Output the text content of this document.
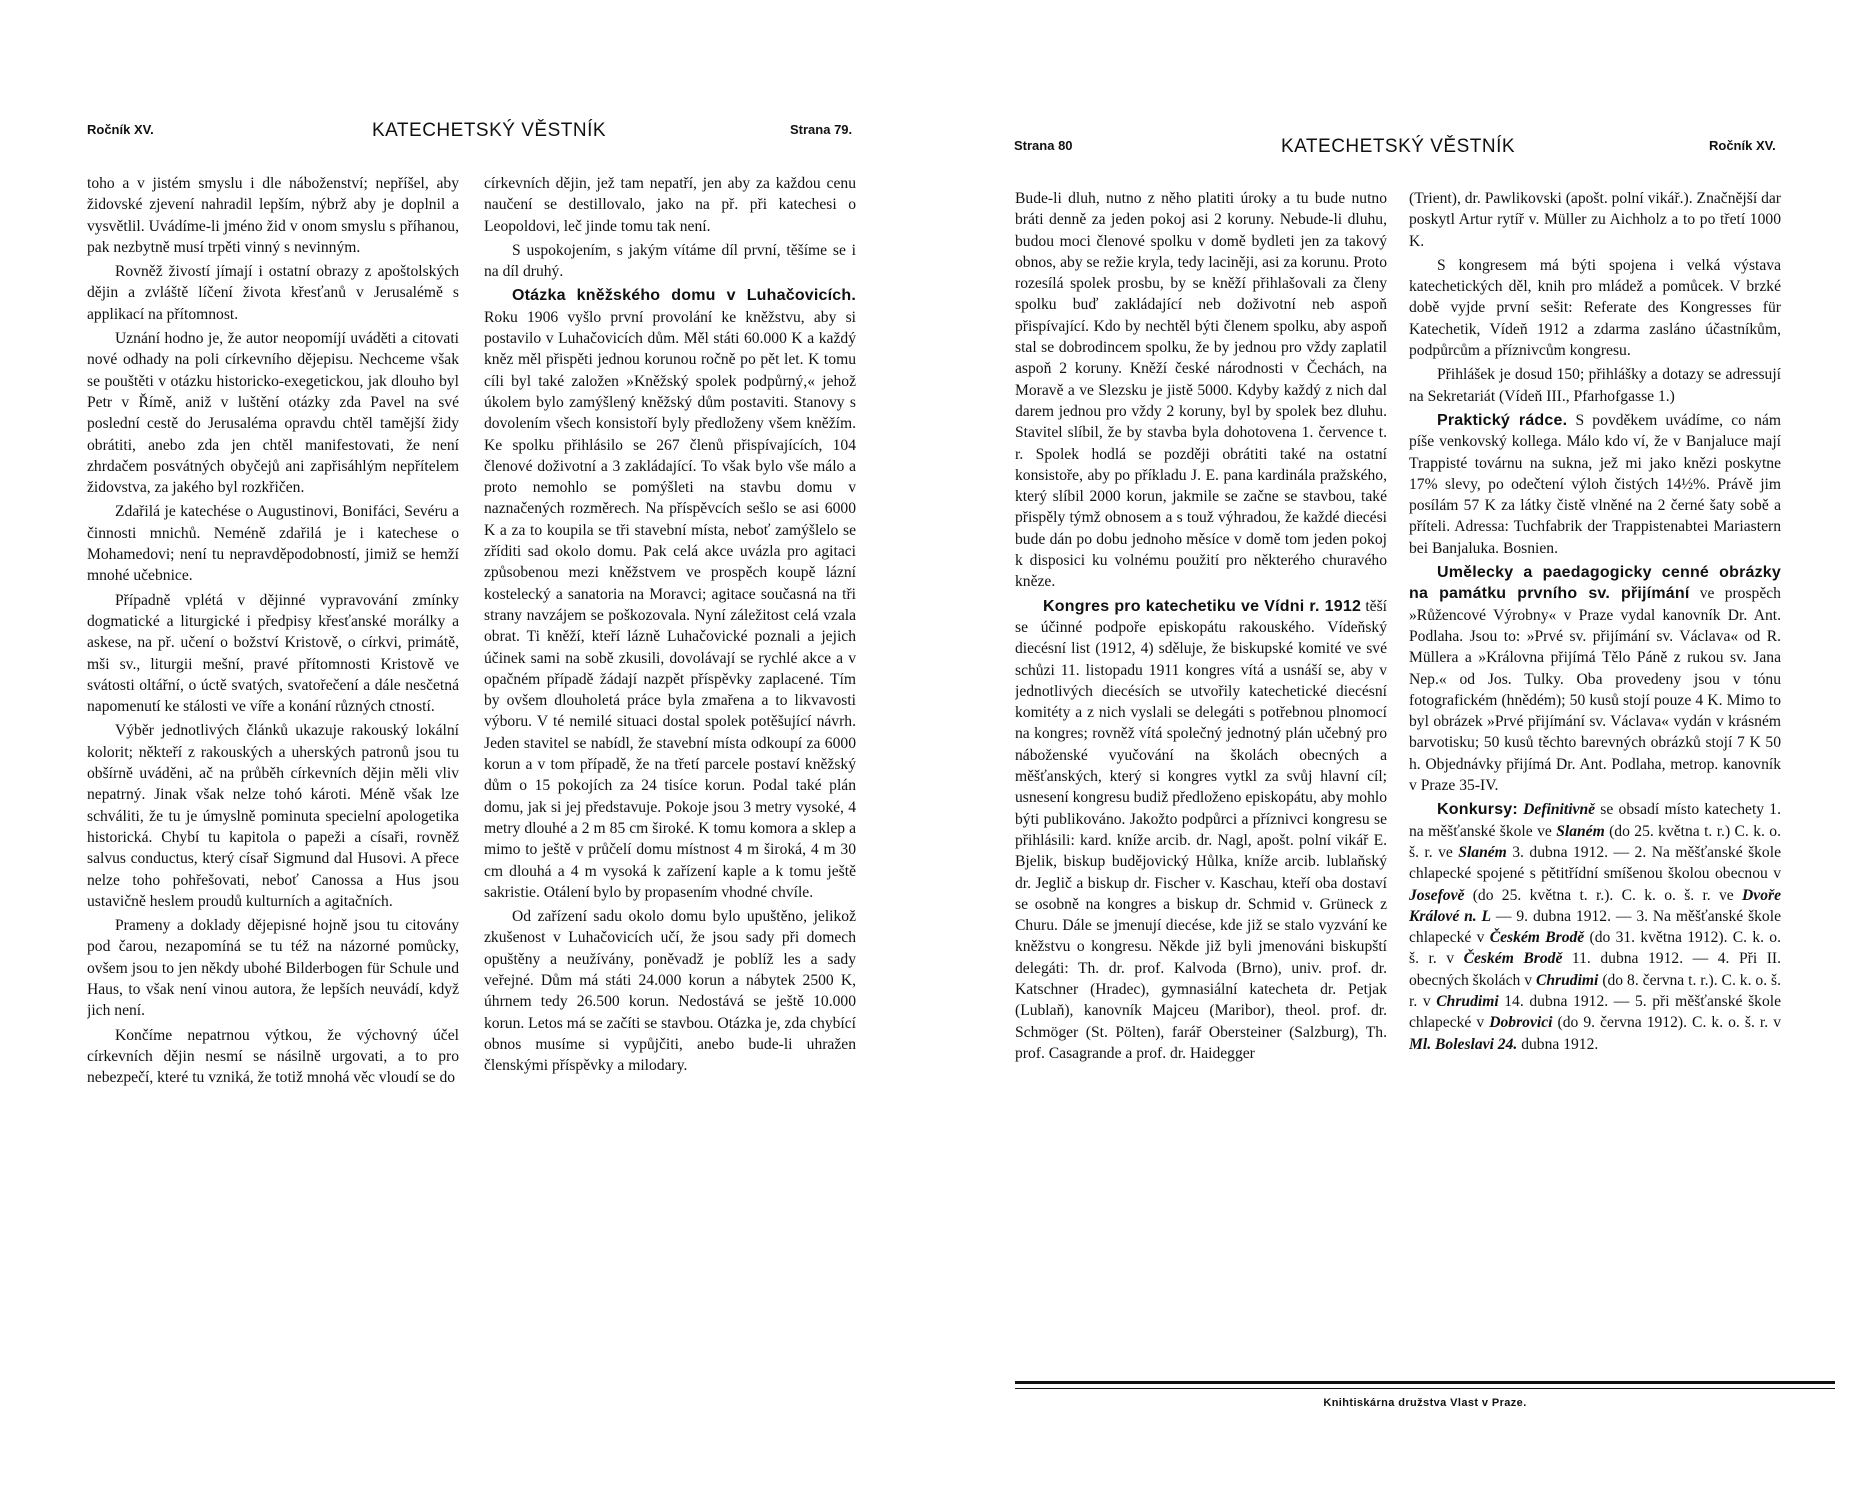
Ročník XV.	KATECHETSKÝ VĚSTNÍK	Strana 79.

toho a v jistém smyslu i dle náboženství; nepříšel, aby židovské zjevení nahradil lepším, nýbrž aby je doplnil a vysvětlil. Uvádíme-li jméno žid v onom smyslu s příhanou, pak nezbytně musí trpěti vinný s nevinným.

Rovněž živostí jímají i ostatní obrazy z apoštolských dějin a zvláště líčení života křesťanů v Jerusalémě s applikací na přítomnost.

Uznání hodno je, že autor neopomíjí uváděti a citovati nové odhady na poli církevního dějepisu. Nechceme však se pouštěti v otázku historicko-exegetickou, jak dlouho byl Petr v Římě, aniž v luštění otázky zda Pavel na své poslední cestě do Jerusaléma opravdu chtěl tamější židy obrátiti, anebo zda jen chtěl manifestovati, že není zhrdačem posvátných obyčejů ani zapřisáhlým nepřítelem židovstva, za jakého byl rozkřičen.

Zdařilá je katechése o Augustinovi, Bonifáci, Sevéru a činnosti mnichů. Neméně zdařilá je i katechese o Mohamedovi; není tu nepravděpodobností, jimiž se hemží mnohé učebnice.

Případně vplétá v dějinné vypravování zmínky dogmatické a liturgické i předpisy křesťanské morálky a askese, na př. učení o božství Kristově, o církvi, primátě, mši sv., liturgii mešní, pravé přítomnosti Kristově ve svátosti oltářní, o úctě svatých, svatořečení a dále nesčetná napomenutí ke stálosti ve víře a konání různých ctností.

Výběr jednotlivých článků ukazuje rakouský lokální kolorit; někteří z rakouských a uherských patronů jsou tu obšírně uváděni, ač na průběh církevních dějin měli vliv nepatrný. Jinak však nelze tohó károti. Méně však lze schváliti, že tu je úmyslně pominuta specielní apologetika historická. Chybí tu kapitola o papeži a císaři, rovněž salvus conductus, který císař Sigmund dal Husovi. A přece nelze toho pohřešovati, neboť Canossa a Hus jsou ustavičně heslem proudů kulturních a agitačních.

Prameny a doklady dějepisné hojně jsou tu citovány pod čarou, nezapomíná se tu též na názorné pomůcky, ovšem jsou to jen někdy ubohé Bilderbogen für Schule und Haus, to však není vinou autora, že lepších neuvádí, když jich není.

Končíme nepatrnou výtkou, že výchovný účel církevních dějin nesmí se násilně urgovati, a to pro nebezpečí, které tu vzniká, že totiž mnohá věc vloudí se do

církevních dějin, jež tam nepatří, jen aby za každou cenu naučení se destillovalo, jako na př. při katechesi o Leopoldovi, leč jinde tomu tak není.

S uspokojením, s jakým vítáme díl první, těšíme se i na díl druhý.

Otázka kněžského domu v Luhačovicích. Roku 1906 vyšlo první provolání ke kněžstvu, aby si postavilo v Luhačovicích dům. Měl státi 60.000 K a každý kněz měl přispěti jednou korunou ročně po pět let. K tomu cíli byl také založen »Kněžský spolek podpůrný,« jehož úkolem bylo zamýšlený kněžský dům postaviti. Stanovy s dovolením všech konsistoří byly předloženy všem kněžím. Ke spolku přihlásilo se 267 členů přispívajících, 104 členové doživotní a 3 zakládající. To však bylo vše málo a proto nemohlo se pomýšleti na stavbu domu v naznačených rozměrech. Na příspěvcích sešlo se asi 6000 K a za to koupila se tři stavební místa, neboť zamýšlelo se zříditi sad okolo domu. Pak celá akce uvázla pro agitaci způsobenou mezi kněžstvem ve prospěch koupě lázní kostelecký a sanatoria na Moravci; agitace současná na tři strany navzájem se poškozovala. Nyní záležitost celá vzala obrat. Ti kněží, kteří lázně Luhačovické poznali a jejich účinek sami na sobě zkusili, dovolávají se rychlé akce a v opačném případě žádají nazpět příspěvky zaplacené. Tím by ovšem dlouholetá práce byla zmařena a to likvavosti výboru. V té nemilé situaci dostal spolek potěšující návrh. Jeden stavitel se nabídl, že stavební místa odkoupí za 6000 korun a v tom případě, že na třetí parcele postaví kněžský dům o 15 pokojích za 24 tisíce korun. Podal také plán domu, jak si jej představuje. Pokoje jsou 3 metry vysoké, 4 metry dlouhé a 2 m 85 cm široké. K tomu komora a sklep a mimo to ještě v průčelí domu místnost 4 m široká, 4 m 30 cm dlouhá a 4 m vysoká k zařízení kaple a k tomu ještě sakristie. Otálení bylo by propasením vhodné chvíle.

Od zařízení sadu okolo domu bylo upuštěno, jelikož zkušenost v Luhačovicích učí, že jsou sady při domech opuštěny a neužívány, poněvadž je poblíž les a sady veřejné. Dům má státi 24.000 korun a nábytek 2500 K, úhrnem tedy 26.500 korun. Nedostává se ještě 10.000 korun. Letos má se začíti se stavbou. Otázka je, zda chybící obnos musíme si vypůjčiti, anebo bude-li uhražen členskými příspěvky a milodary.

Strana 80	KATECHETSKÝ VĚSTNÍK	Ročník XV.

Bude-li dluh, nutno z něho platiti úroky a tu bude nutno bráti denně za jeden pokoj asi 2 koruny. Nebude-li dluhu, budou moci členové spolku v domě bydleti jen za takový obnos, aby se režie kryla, tedy laciněji, asi za korunu. Proto rozesílá spolek prosbu, by se kněží přihlašovali za členy spolku buď zakládající neb doživotní neb aspoň přispívající. Kdo by nechtěl býti členem spolku, aby aspoň stal se dobrodincem spolku, že by jednou pro vždy zaplatil aspoň 2 koruny. Kněží české národnosti v Čechách, na Moravě a ve Slezsku je jistě 5000. Kdyby každý z nich dal darem jednou pro vždy 2 koruny, byl by spolek bez dluhu. Stavitel slíbil, že by stavba byla dohotovena 1. července t. r. Spolek hodlá se později obrátiti také na ostatní konsistoře, aby po příkladu J. E. pana kardinála pražského, který slíbil 2000 korun, jakmile se začne se stavbou, také přispěly týmž obnosem a s touž výhradou, že každé diecési bude dán po dobu jednoho měsíce v domě tom jeden pokoj k disposici ku volnému použití pro některého churavého kněze.

Kongres pro katechetiku ve Vídni r. 1912 těší se účinné podpoře episkopátu rakouského. Vídeňský diecésní list (1912, 4) sděluje, že biskupské komité ve své schůzi 11. listopadu 1911 kongres vítá a usnáší se, aby v jednotlivých diecésích se utvořily katechetické diecésní komitéty a z nich vyslali se delegáti s potřebnou plnomocí na kongres; rovněž vítá společný jednotný plán učebný pro náboženské vyučování na školách obecných a měšťanských, který si kongres vytkl za svůj hlavní cíl; usnesení kongresu budiž předloženo episkopátu, aby mohlo býti publikováno. Jakožto podpůrci a příznivci kongresu se přihlásili: kard. kníže arcib. dr. Nagl, apošt. polní vikář E. Bjelik, biskup budějovický Hůlka, kníže arcib. lublaňský dr. Jeglič a biskup dr. Fischer v. Kaschau, kteří oba dostaví se osobně na kongres a biskup dr. Schmid v. Grüneck z Churu. Dále se jmenují diecése, kde již se stalo vyzvání ke kněžstvu o kongresu. Někde již byli jmenováni biskupští delegáti: Th. dr. prof. Kalvoda (Brno), univ. prof. dr. Katschner (Hradec), gymnasiální katecheta dr. Petjak (Lublaň), kanovník Majceu (Maribor), theol. prof. dr. Schmöger (St. Pölten), farář Obersteiner (Salzburg), Th. prof. Casagrande a prof. dr. Haidegger

(Trient), dr. Pawlikovski (apošt. polní vikář.). Značnější dar poskytl Artur rytíř v. Müller zu Aichholz a to po třetí 1000 K.

S kongresem má býti spojena i velká výstava katechetických děl, knih pro mládež a pomůcek. V brzké době vyjde první sešit: Referate des Kongresses für Katechetik, Vídeň 1912 a zdarma zasláno účastníkům, podpůrcům a příznivcům kongresu.

Přihlášek je dosud 150; přihlášky a dotazy se adressují na Sekretariát (Vídeň III., Pfarhofgasse 1.)

Praktický rádce. S povděkem uvádíme, co nám píše venkovský kollega. Málo kdo ví, že v Banjaluce mají Trappisté továrnu na sukna, jež mi jako knězi poskytne 17% slevy, po odečtení výloh čistých 14½%. Právě jim posílám 57 K za látky čistě vlněné na 2 černé šaty sobě a příteli. Adressa: Tuchfabrik der Trappistenabtei Mariastern bei Banjaluka. Bosnien.

Umělecky a paedagogicky cenné obrázky na památku prvního sv. přijímání ve prospěch »Růžencové Výrobny« v Praze vydal kanovník Dr. Ant. Podlaha. Jsou to: »Prvé sv. přijímání sv. Václava« od R. Müllera a »Královna přijímá Tělo Páně z rukou sv. Jana Nep.« od Jos. Tulky. Oba provedeny jsou v tónu fotografickém (hnědém); 50 kusů stojí pouze 4 K. Mimo to byl obrázek »Prvé přijímání sv. Václava« vydán v krásném barvotisku; 50 kusů těchto barevných obrázků stojí 7 K 50 h. Objednávky přijímá Dr. Ant. Podlaha, metrop. kanovník v Praze 35-IV.

Konkursy: Definitivně se obsadí místo katechety 1. na měšťanské škole ve Slaném (do 25. května t. r.) C. k. o. š. r. ve Slaném 3. dubna 1912. — 2. Na měšťanské škole chlapecké spojené s pětitřídní smíšenou školou obecnou v Josefově (do 25. května t. r.). C. k. o. š. r. ve Dvoře Králové n. L — 9. dubna 1912. — 3. Na měšťanské škole chlapecké v Českém Brodě (do 31. května 1912). C. k. o. š. r. v Českém Brodě 11. dubna 1912. — 4. Při II. obecných školách v Chrudimi (do 8. června t. r.). C. k. o. š. r. v Chrudimi 14. dubna 1912. — 5. při měšťanské škole chlapecké v Dobrovici (do 9. června 1912). C. k. o. š. r. v Ml. Boleslavi 24. dubna 1912.

Knihtiskárna družstva Vlast v Praze.
